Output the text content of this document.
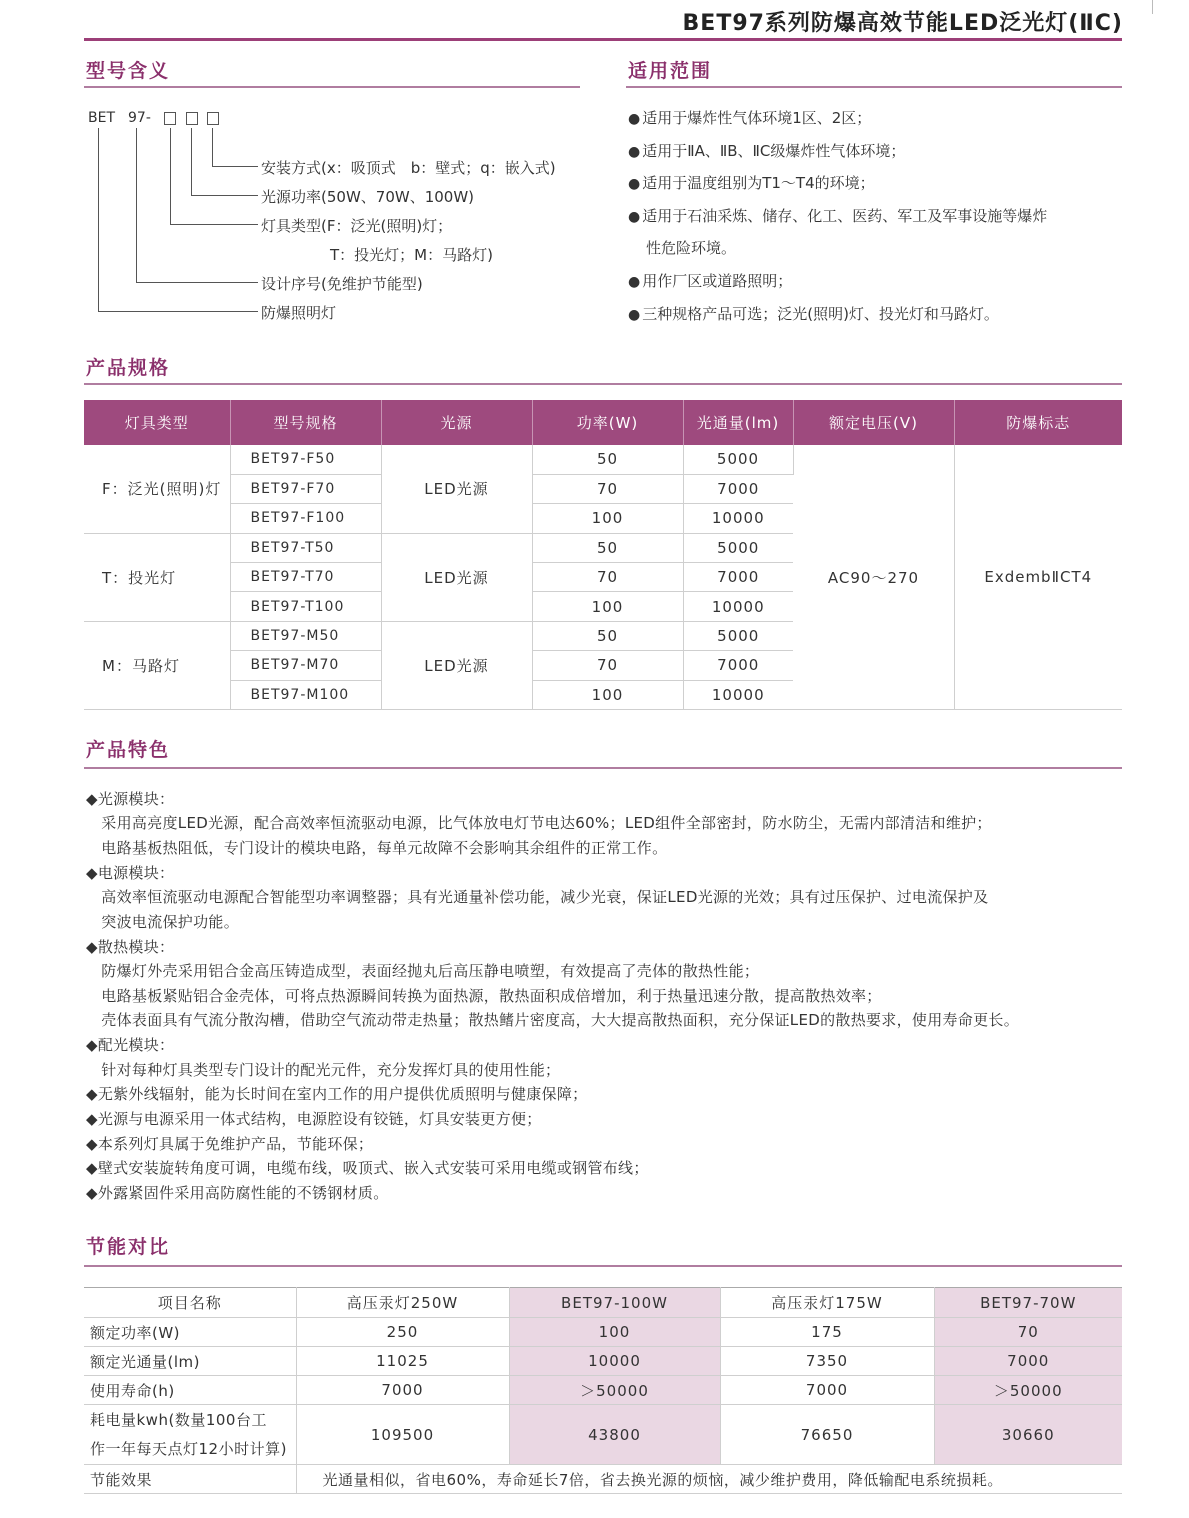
BET97系列防爆高效节能LED泛光灯(ⅡC)
型号含义
BET 97-
安装方式(x：吸顶式　b：壁式；q：嵌入式)
光源功率(50W、70W、100W)
灯具类型(F：泛光(照明)灯；
T：投光灯；M：马路灯)
设计序号(免维护节能型)
防爆照明灯
适用范围
● 适用于爆炸性气体环境1区、2区；
● 适用于ⅡA、ⅡB、ⅡC级爆炸性气体环境；
● 适用于温度组别为T1～T4的环境；
● 适用于石油采炼、储存、化工、医药、军工及军事设施等爆炸
性危险环境。
● 用作厂区或道路照明；
● 三种规格产品可选；泛光(照明)灯、投光灯和马路灯。
产品规格
灯具类型	型号规格	光源	功率(W)	光通量(lm)	额定电压(V)	防爆标志
F：泛光(照明)灯	BET97-F50	LED光源	50	5000	AC90～270	ExdembⅡCT4
	BET97-F70		70	7000		
	BET97-F100		100	10000		
T：投光灯	BET97-T50	LED光源	50	5000		
	BET97-T70		70	7000		
	BET97-T100		100	10000		
M：马路灯	BET97-M50	LED光源	50	5000		
	BET97-M70		70	7000		
	BET97-M100		100	10000		
产品特色
◆光源模块：
　采用高亮度LED光源，配合高效率恒流驱动电源，比气体放电灯节电达60%；LED组件全部密封，防水防尘，无需内部清洁和维护；
　电路基板热阻低，专门设计的模块电路，每单元故障不会影响其余组件的正常工作。
◆电源模块：
　高效率恒流驱动电源配合智能型功率调整器；具有光通量补偿功能，减少光衰，保证LED光源的光效；具有过压保护、过电流保护及
　突波电流保护功能。
◆散热模块：
　防爆灯外壳采用铝合金高压铸造成型，表面经抛丸后高压静电喷塑，有效提高了壳体的散热性能；
　电路基板紧贴铝合金壳体，可将点热源瞬间转换为面热源，散热面积成倍增加，利于热量迅速分散，提高散热效率；
　壳体表面具有气流分散沟槽，借助空气流动带走热量；散热鳍片密度高，大大提高散热面积，充分保证LED的散热要求，使用寿命更长。
◆配光模块：
　针对每种灯具类型专门设计的配光元件，充分发挥灯具的使用性能；
◆无紫外线辐射，能为长时间在室内工作的用户提供优质照明与健康保障；
◆光源与电源采用一体式结构，电源腔设有铰链，灯具安装更方便；
◆本系列灯具属于免维护产品，节能环保；
◆壁式安装旋转角度可调，电缆布线，吸顶式、嵌入式安装可采用电缆或钢管布线；
◆外露紧固件采用高防腐性能的不锈钢材质。
节能对比
项目名称	高压汞灯250W	BET97-100W	高压汞灯175W	BET97-70W
额定功率(W)	250	100	175	70
额定光通量(lm)	11025	10000	7350	7000
使用寿命(h)	7000	＞50000	7000	＞50000

耗电量kwh(数量100台工
作一年每天点灯12小时计算)	109500	43800	76650	30660
节能效果	光通量相似，省电60%，寿命延长7倍，省去换光源的烦恼，减少维护费用，降低输配电系统损耗。			
